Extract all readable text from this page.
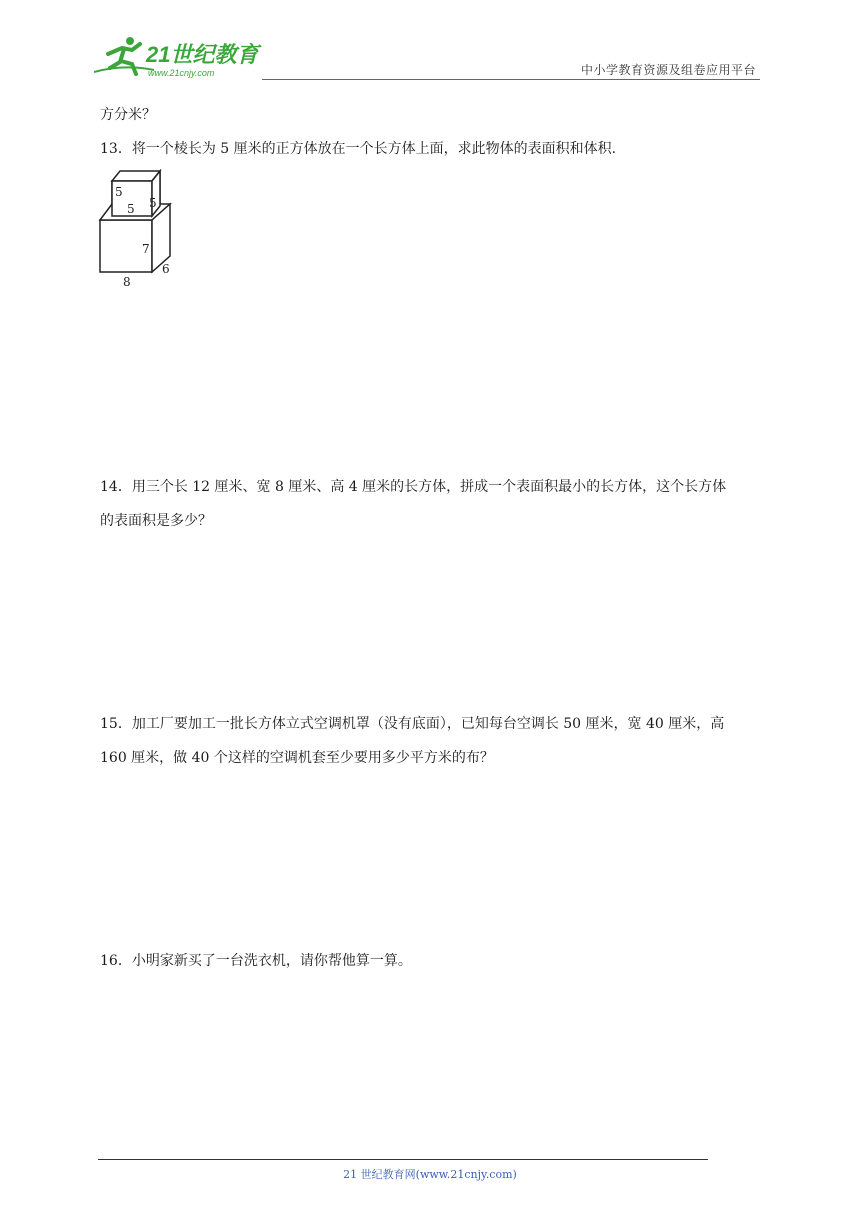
21世纪教育
www.21cnjy.com	中小学教育资源及组卷应用平台
方分米？
13．将一个棱长为 5 厘米的正方体放在一个长方体上面，求此物体的表面积和体积.
5
5 5
7
8
6
14．用三个长 12 厘米、宽 8 厘米、高 4 厘米的长方体，拼成一个表面积最小的长方体，这个长方体
的表面积是多少？
15．加工厂要加工一批长方体立式空调机罩（没有底面），已知每台空调长 50 厘米，宽 40 厘米，高
160 厘米，做 40 个这样的空调机套至少要用多少平方米的布？
16．小明家新买了一台洗衣机，请你帮他算一算。
21 世纪教育网(www.21cnjy.com)
